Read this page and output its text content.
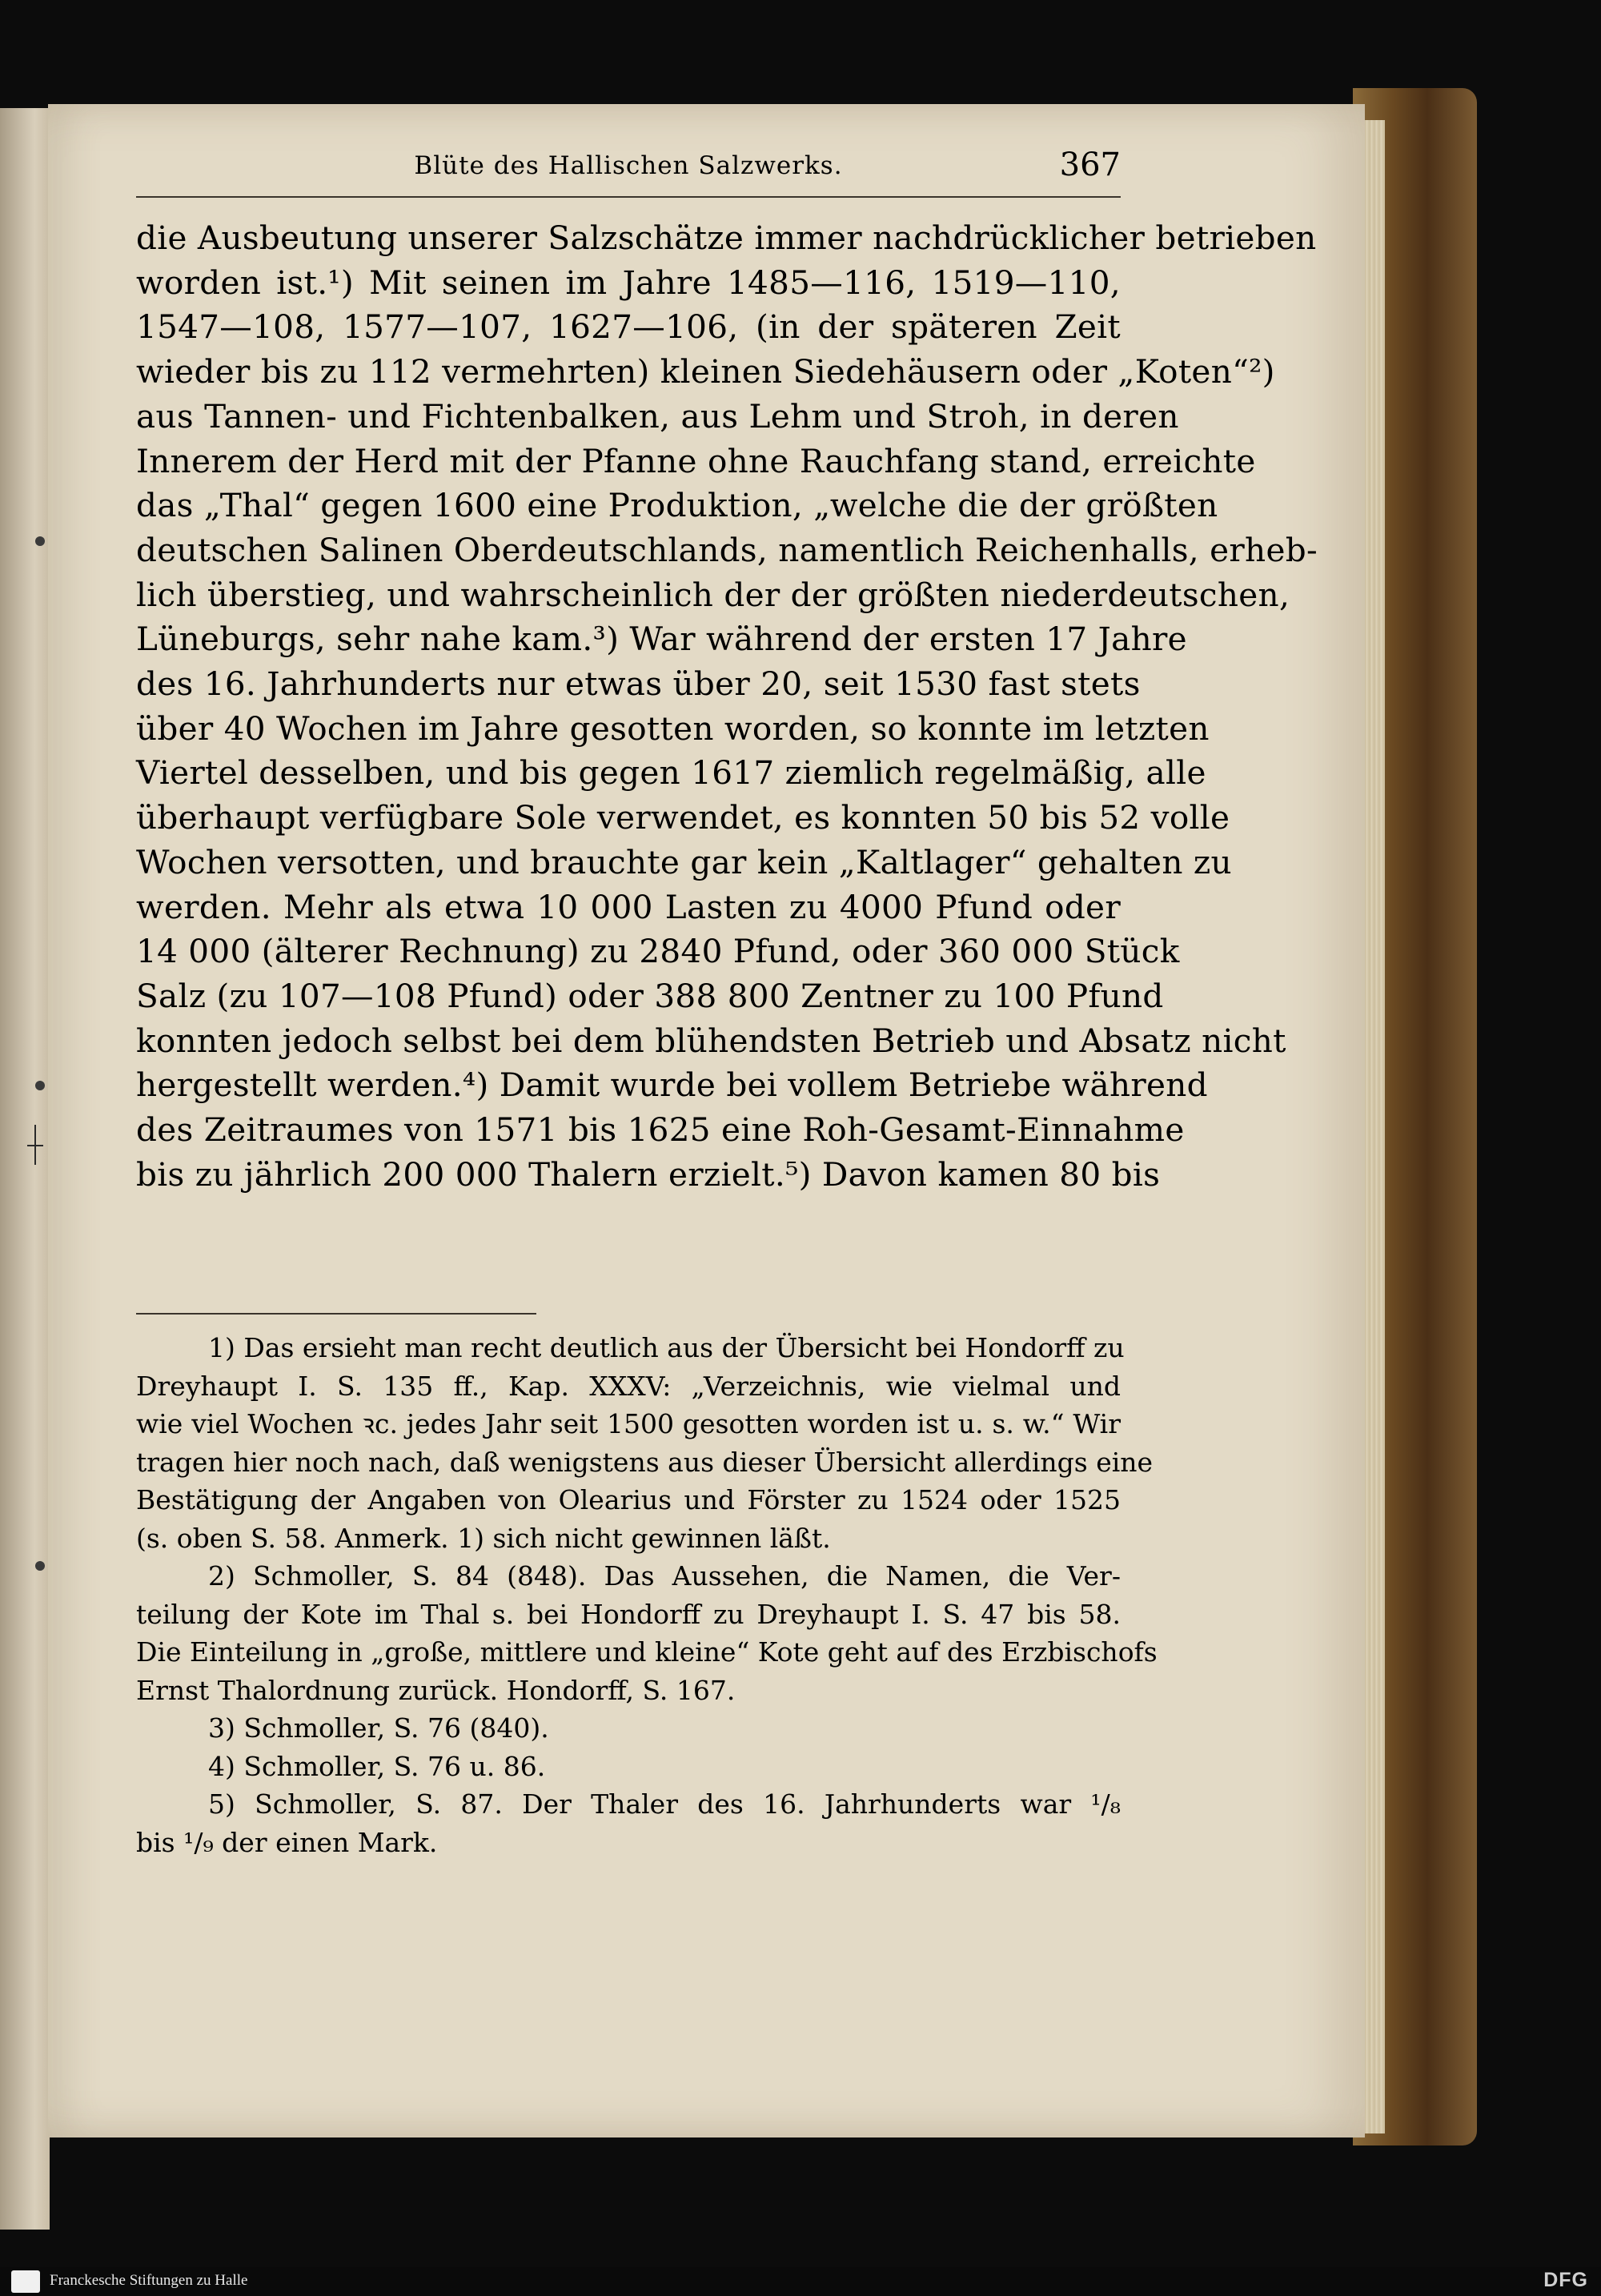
Blüte des Hallischen Salzwerks.	367
die Ausbeutung unserer Salzschätze immer nachdrücklicher betrieben
worden ist.¹) Mit seinen im Jahre 1485—116, 1519—110,
1547—108, 1577—107, 1627—106, (in der späteren Zeit
wieder bis zu 112 vermehrten) kleinen Siedehäusern oder „Koten“²)
aus Tannen- und Fichtenbalken, aus Lehm und Stroh, in deren
Innerem der Herd mit der Pfanne ohne Rauchfang stand, erreichte
das „Thal“ gegen 1600 eine Produktion, „welche die der größten
deutschen Salinen Oberdeutschlands, namentlich Reichenhalls, erheb-
lich überstieg, und wahrscheinlich der der größten niederdeutschen,
Lüneburgs, sehr nahe kam.³) War während der ersten 17 Jahre
des 16. Jahrhunderts nur etwas über 20, seit 1530 fast stets
über 40 Wochen im Jahre gesotten worden, so konnte im letzten
Viertel desselben, und bis gegen 1617 ziemlich regelmäßig, alle
überhaupt verfügbare Sole verwendet, es konnten 50 bis 52 volle
Wochen versotten, und brauchte gar kein „Kaltlager“ gehalten zu
werden. Mehr als etwa 10 000 Lasten zu 4000 Pfund oder
14 000 (älterer Rechnung) zu 2840 Pfund, oder 360 000 Stück
Salz (zu 107—108 Pfund) oder 388 800 Zentner zu 100 Pfund
konnten jedoch selbst bei dem blühendsten Betrieb und Absatz nicht
hergestellt werden.⁴) Damit wurde bei vollem Betriebe während
des Zeitraumes von 1571 bis 1625 eine Roh-Gesamt-Einnahme
bis zu jährlich 200 000 Thalern erzielt.⁵) Davon kamen 80 bis
1) Das ersieht man recht deutlich aus der Übersicht bei Hondorff zu
Dreyhaupt I. S. 135 ff., Kap. XXXV: „Verzeichnis, wie vielmal und
wie viel Wochen ꝛc. jedes Jahr seit 1500 gesotten worden ist u. s. w.“ Wir
tragen hier noch nach, daß wenigstens aus dieser Übersicht allerdings eine
Bestätigung der Angaben von Olearius und Förster zu 1524 oder 1525
(s. oben S. 58. Anmerk. 1) sich nicht gewinnen läßt.
2) Schmoller, S. 84 (848). Das Aussehen, die Namen, die Ver-
teilung der Kote im Thal s. bei Hondorff zu Dreyhaupt I. S. 47 bis 58.
Die Einteilung in „große, mittlere und kleine“ Kote geht auf des Erzbischofs
Ernst Thalordnung zurück. Hondorff, S. 167.
3) Schmoller, S. 76 (840).
4) Schmoller, S. 76 u. 86.
5) Schmoller, S. 87. Der Thaler des 16. Jahrhunderts war ¹/₈
bis ¹/₉ der einen Mark.
Franckesche Stiftungen zu Halle	DFG
